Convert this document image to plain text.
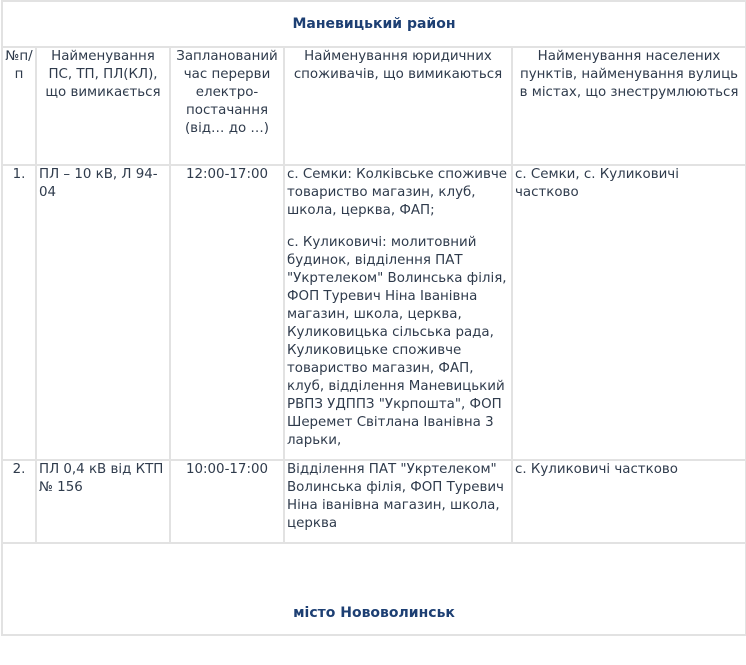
Маневицький район				
№п/п	Найменування ПС, ТП, ПЛ(КЛ), що вимикається	Запланований час перерви електро-постачання (від… до …)	Найменування юридичних споживачів, що вимикаються	Найменування населених пунктів, найменування вулиць в містах, що знеструмлюються
1.	ПЛ – 10 кВ, Л 94-04	12:00-17:00	с. Семки: Колківське споживче товариство магазин, клуб, школа, церква, ФАП;
с. Куликовичі: молитовний будинок, відділення ПАТ "Укртелеком" Волинська філія, ФОП Туревич Ніна Іванівна магазин, школа, церква, Куликовицька сільська рада, Куликовицьке споживче товариство магазин, ФАП, клуб, відділення Маневицький РВПЗ УДППЗ "Укрпошта", ФОП Шеремет Світлана Іванівна 3 ларьки,	с. Семки, с. Куликовичі частково
2.	ПЛ 0,4 кВ від КТП № 156	10:00-17:00	Відділення ПАТ "Укртелеком" Волинська філія, ФОП Туревич Ніна іванівна магазин, школа, церква	с. Куликовичі частково
місто Нововолинськ				
